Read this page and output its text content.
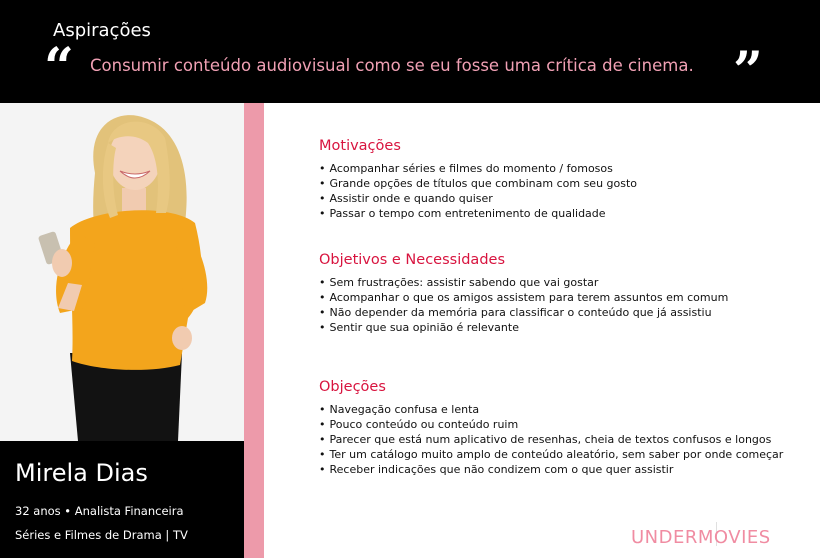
Aspirações
“ Consumir conteúdo audiovisual como se eu fosse uma crítica de cinema. ”
Mirela Dias
32 anos • Analista Financeira
Séries e Filmes de Drama | TV
Motivações
• Acompanhar séries e filmes do momento / fomosos
• Grande opções de títulos que combinam com seu gosto
• Assistir onde e quando quiser
• Passar o tempo com entretenimento de qualidade
Objetivos e Necessidades
• Sem frustrações: assistir sabendo que vai gostar
• Acompanhar o que os amigos assistem para terem assuntos em comum
• Não depender da memória para classificar o conteúdo que já assistiu
• Sentir que sua opinião é relevante
Objeções
• Navegação confusa e lenta
• Pouco conteúdo ou conteúdo ruim
• Parecer que está num aplicativo de resenhas, cheia de textos confusos e longos
• Ter um catálogo muito amplo de conteúdo aleatório, sem saber por onde começar
• Receber indicações que não condizem com o que quer assistir
UNDERMOVIES
